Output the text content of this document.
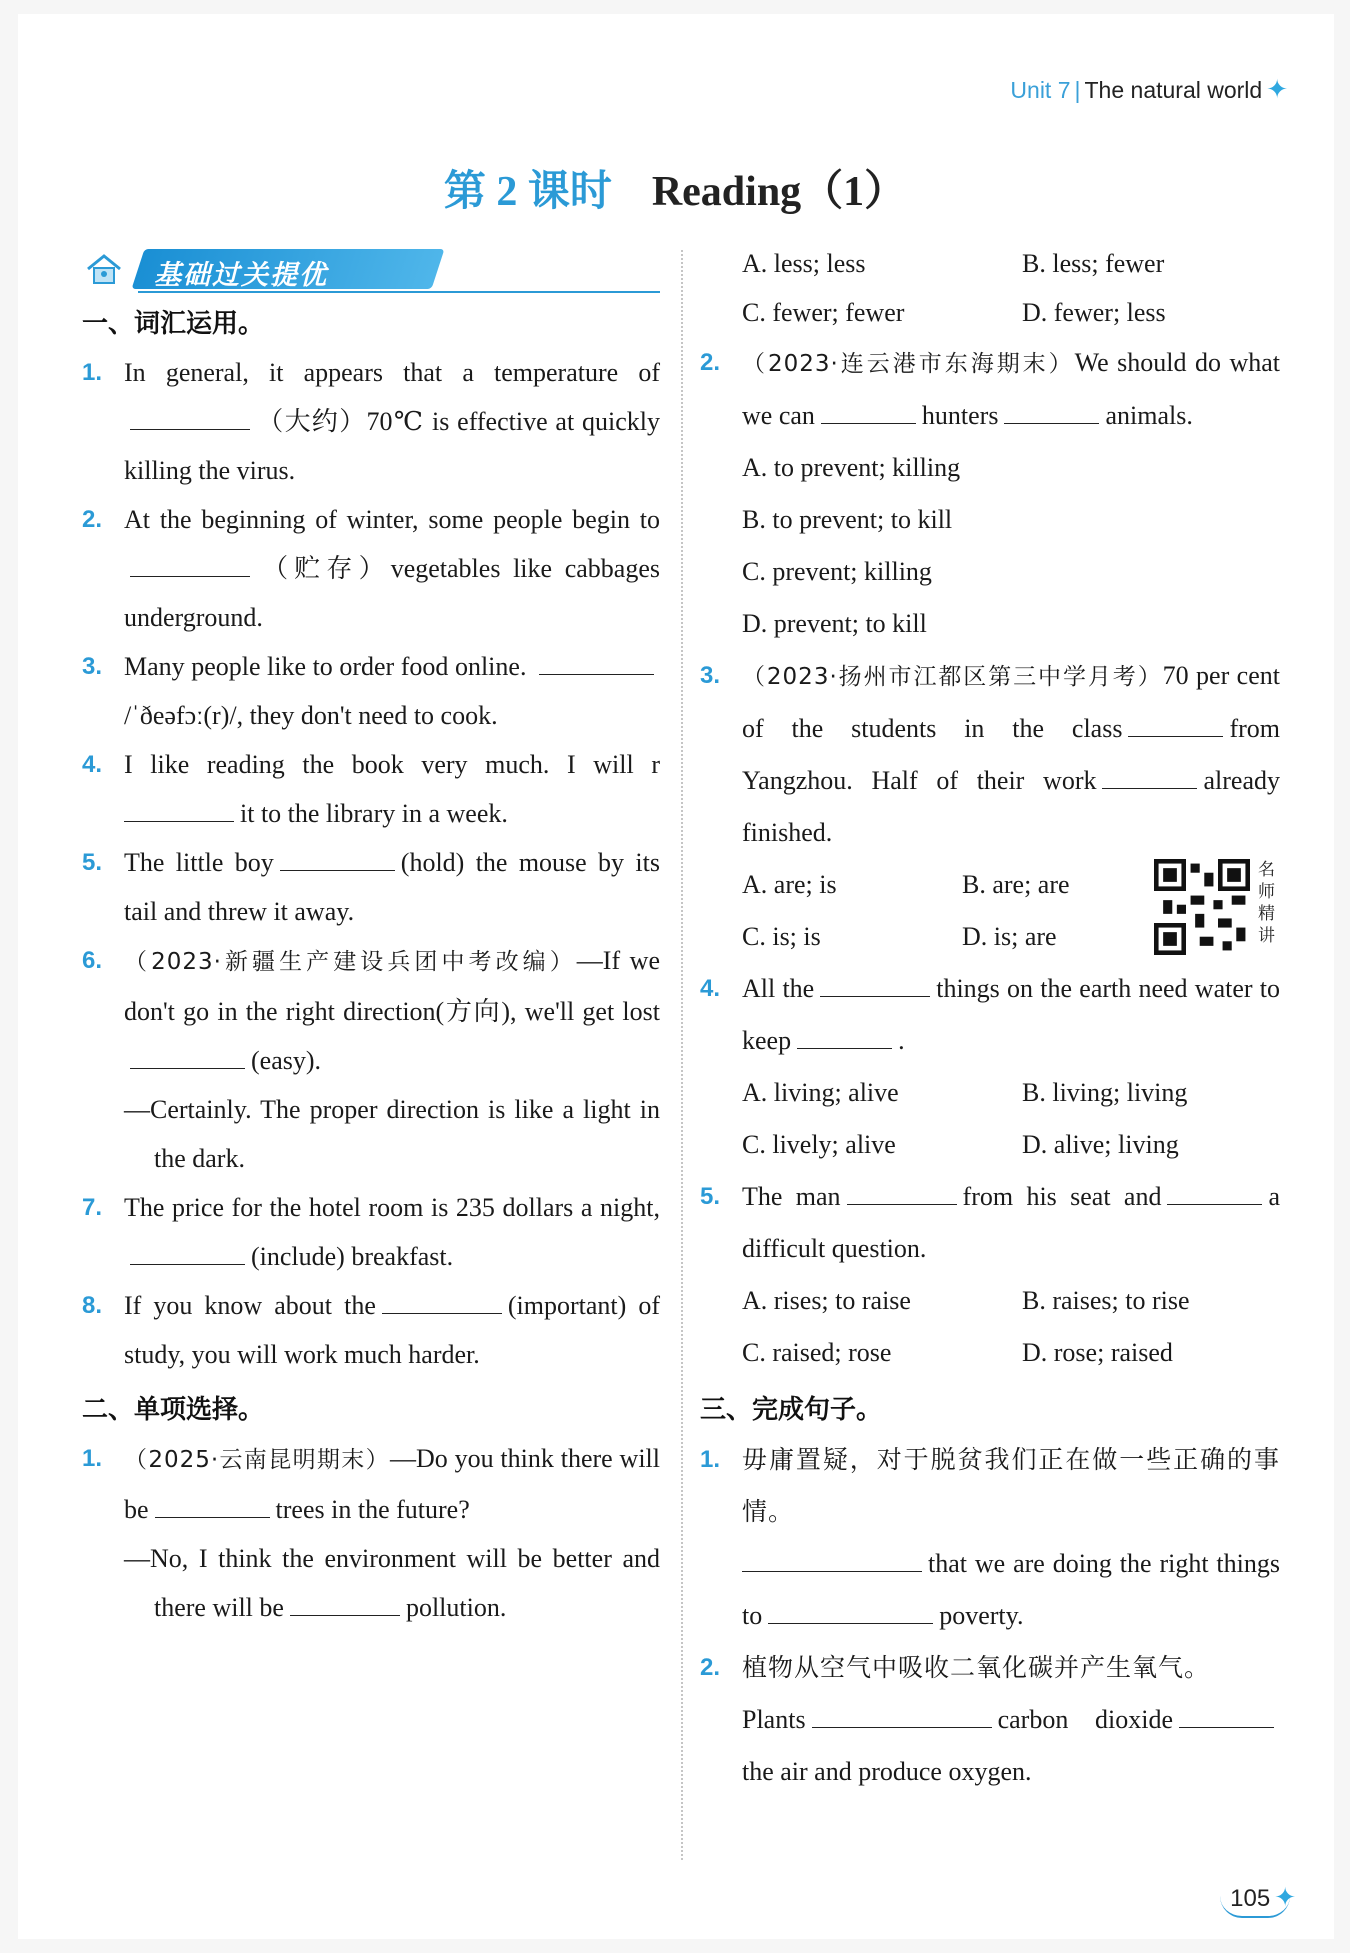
Unit 7 | The natural world ✦
第 2 课时 Reading（1）
基础过关提优
一、词汇运用。
1. In general, it appears that a temperature of（大约）70℃ is effective at quickly killing the virus.
2. At the beginning of winter, some people begin to（贮存）vegetables like cabbages underground.
3. Many people like to order food online. /ˈðeəfɔː(r)/, they don't need to cook.
4. I like reading the book very much. I will rit to the library in a week.
5. The little boy	(hold) the mouse by its tail and threw it away.
6. （2023·新疆生产建设兵团中考改编）—If we don't go in the right direction(方向), we'll get lost(easy).
—Certainly. The proper direction is like a light in the dark.
7. The price for the hotel room is 235 dollars a night,(include) breakfast.
8. If you know about the	(important) of study, you will work much harder.
二、单项选择。
1. （2025·云南昆明期末）—Do you think there will be	trees in the future?
—No, I think the environment will be better and there will be	pollution.
A. less; less	B. less; fewer
C. fewer; fewer	D. fewer; less
2. （2023·连云港市东海期末）We should do what we can	hunters	animals.
A. to prevent; killing
B. to prevent; to kill
C. prevent; killing
D. prevent; to kill
3. （2023·扬州市江都区第三中学月考）70 per cent of the students in the class	from Yangzhou. Half of their work	already finished.
A. are; is	B. are; are
C. is; is	D. is; are
名师精讲
4. All the	things on the earth need water to keep	.
A. living; alive	B. living; living
C. lively; alive	D. alive; living
5. The man	from his seat and	a difficult question.
A. rises; to raise	B. raises; to rise
C. raised; rose	D. rose; raised
三、完成句子。
1. 毋庸置疑，对于脱贫我们正在做一些正确的事情。
that we are doing the right things to	poverty.
2. 植物从空气中吸收二氧化碳并产生氧气。
Plants	carbon dioxidethe air and produce oxygen.
105 ✦
